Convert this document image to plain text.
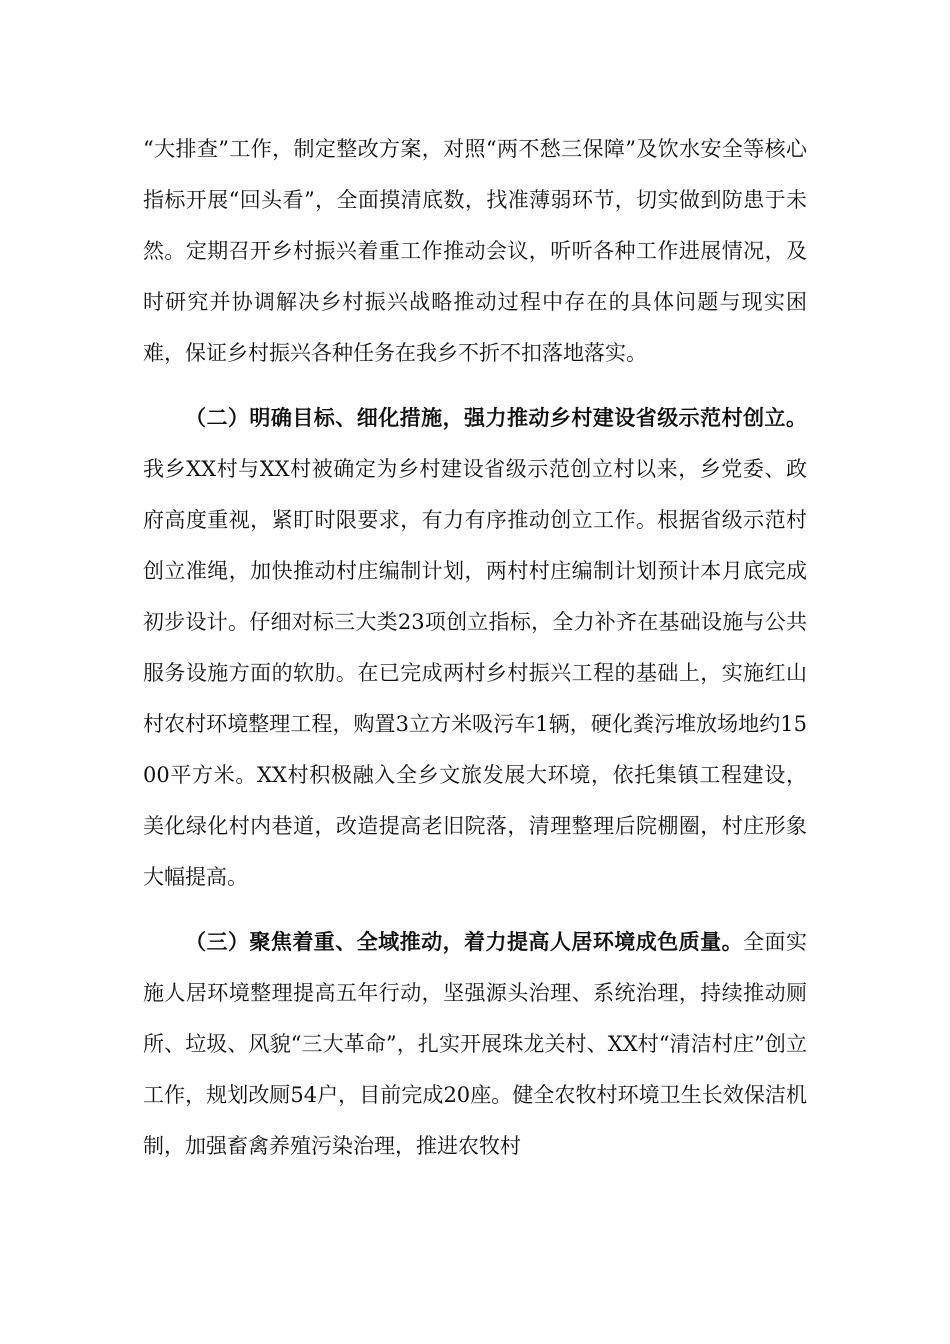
“大排查”工作，制定整改方案，对照“两不愁三保障”及饮水安全等核心指标开展“回头看”，全面摸清底数，找准薄弱环节，切实做到防患于未然。定期召开乡村振兴着重工作推动会议，听听各种工作进展情况，及时研究并协调解决乡村振兴战略推动过程中存在的具体问题与现实困难，保证乡村振兴各种任务在我乡不折不扣落地落实。

（二）明确目标、细化措施，强力推动乡村建设省级示范村创立。我乡XX村与XX村被确定为乡村建设省级示范创立村以来，乡党委、政府高度重视，紧盯时限要求，有力有序推动创立工作。根据省级示范村创立准绳，加快推动村庄编制计划，两村村庄编制计划预计本月底完成初步设计。仔细对标三大类23项创立指标，全力补齐在基础设施与公共服务设施方面的软肋。在已完成两村乡村振兴工程的基础上，实施红山村农村环境整理工程，购置3立方米吸污车1辆，硬化粪污堆放场地约1500平方米。XX村积极融入全乡文旅发展大环境，依托集镇工程建设，美化绿化村内巷道，改造提高老旧院落，清理整理后院棚圈，村庄形象大幅提高。

（三）聚焦着重、全域推动，着力提高人居环境成色质量。全面实施人居环境整理提高五年行动，坚强源头治理、系统治理，持续推动厕所、垃圾、风貌“三大革命”，扎实开展珠龙关村、XX村“清洁村庄”创立工作，规划改厕54户，目前完成20座。健全农牧村环境卫生长效保洁机制，加强畜禽养殖污染治理，推进农牧村
